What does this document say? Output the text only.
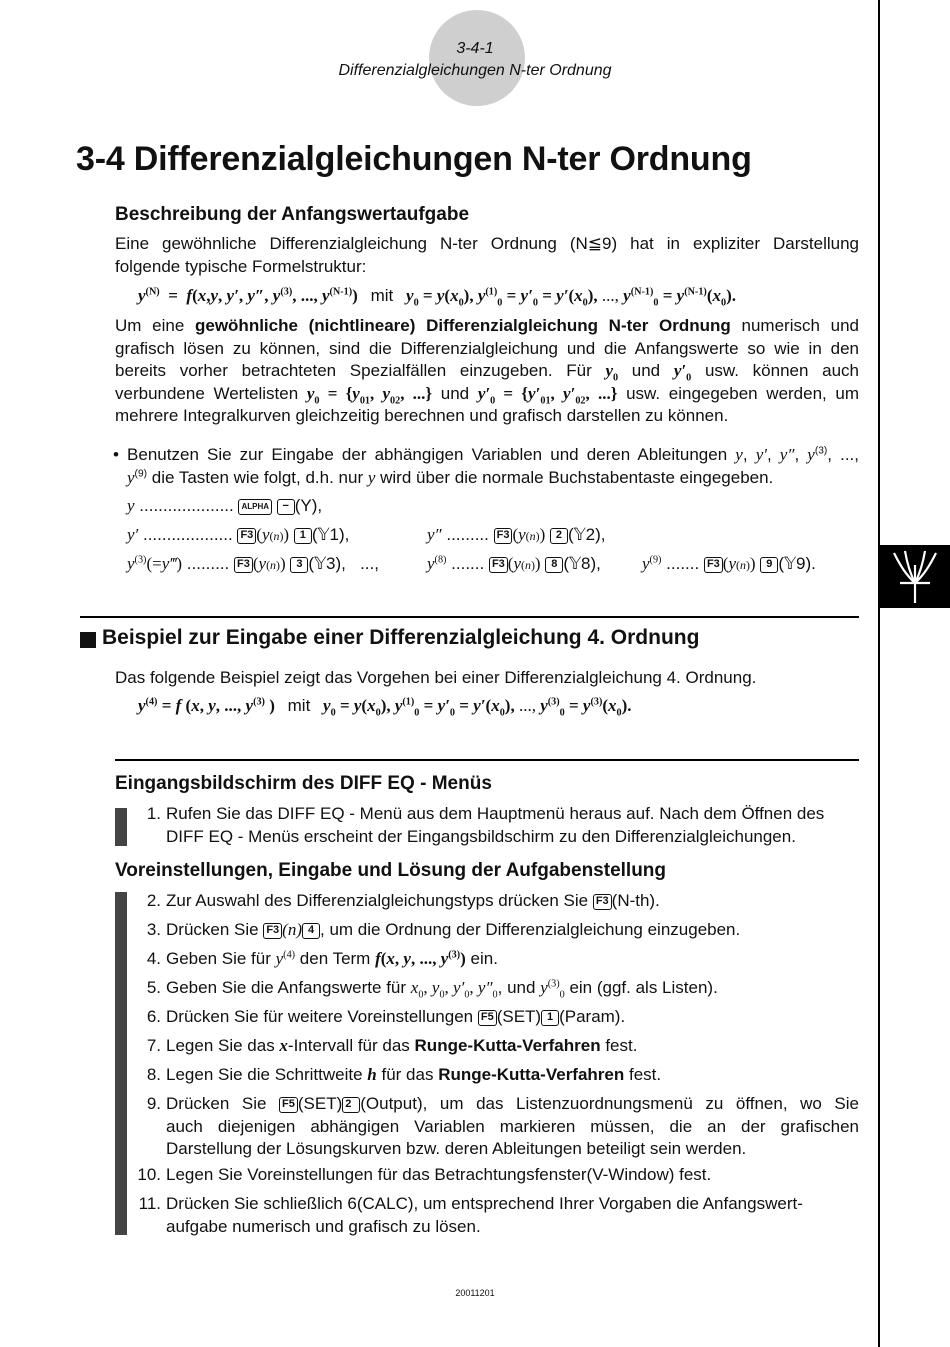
3-4-1
Differenzialgleichungen N-ter Ordnung
3-4 Differenzialgleichungen N-ter Ordnung
Beschreibung der Anfangswertaufgabe

Eine gewöhnliche Differenzialgleichung N-ter Ordnung (N≦9) hat in expliziter Darstellung
folgende typische Formelstruktur:

$y^{(N)} = f(x,y$, y′, y″, $y^{(3)}$, ..., $y^{(N-1)}$)   mit $y_0 = y(x_0)$, $y^{(1)}_0 = y'_0 = y'(x_0)$, ..., $y^{(N-1)}_0 = y^{(N-1)}(x_0)$.

Um eine gewöhnliche (nichtlineare) Differenzialgleichung N-ter Ordnung numerisch und
grafisch lösen zu können, sind die Differenzialgleichung und die Anfangswerte so wie in den
bereits vorher betrachteten Spezialfällen einzugeben. Für $y_0$ und $y'_0$ usw. können auch
verbundene Wertelisten $y_0 = \{y_{01}$, $y_{02}$, ...} und $y'_0 = \{y'_{01}$, $y'_{02}$, ...} usw. eingegeben werden, um
mehrere Integralkurven gleichzeitig berechnen und grafisch darstellen zu können.

• Benutzen Sie zur Eingabe der abhängigen Variablen und deren Ableitungen y, y′, y″, $y^{(3)}$, ...,
$y^{(9)}$ die Tasten wie folgt, d.h. nur y wird über die normale Buchstabentaste eingegeben.

y .................... ALPHA − (Y),
y′ ................... F3 (y(n)) 1 (𝕐1),	y″ ......... F3 (y(n)) 2 (𝕐2),
$y^{(3)}(=y‴)$ ......... F3 (y(n)) 3 (𝕐3),   ...,	$y^{(8)}$ ....... F3 (y(n)) 8 (𝕐8), $y^{(9)}$ ....... F3 (y(n)) 9 (𝕐9).
Beispiel zur Eingabe einer Differenzialgleichung 4. Ordnung

Das folgende Beispiel zeigt das Vorgehen bei einer Differenzialgleichung 4. Ordnung.

$y^{(4)} = f$ (x, y, ..., $y^{(3)}$ )   mit $y_0 = y(x_0)$, $y^{(1)}_0 = y'_0 = y'(x_0)$, ..., $y^{(3)}_0 = y^{(3)}(x_0)$.
Eingangsbildschirm des DIFF EQ - Menüs
1. Rufen Sie das DIFF EQ - Menü aus dem Hauptmenü heraus auf. Nach dem Öffnen des
DIFF EQ - Menüs erscheint der Eingangsbildschirm zu den Differenzialgleichungen.
Voreinstellungen, Eingabe und Lösung der Aufgabenstellung
2. Zur Auswahl des Differenzialgleichungstyps drücken Sie F3 (N-th).
3. Drücken Sie F3 (n) 4 , um die Ordnung der Differenzialgleichung einzugeben.
4. Geben Sie für $y^{(4)}$ den Term f(x, y, ..., $y^{(3)}$) ein.
5. Geben Sie die Anfangswerte für $x_0$, $y_0$, $y'_0$, $y''_0$, und $y^{(3)}_0$ ein (ggf. als Listen).
6. Drücken Sie für weitere Voreinstellungen F5 (SET) 1 (Param).
7. Legen Sie das x-Intervall für das Runge-Kutta-Verfahren fest.
8. Legen Sie die Schrittweite h für das Runge-Kutta-Verfahren fest.
9. Drücken Sie F5 (SET) 2 (Output), um das Listenzuordnungsmenü zu öffnen, wo Sie
auch diejenigen abhängigen Variablen markieren müssen, die an der grafischen
Darstellung der Lösungskurven bzw. deren Ableitungen beteiligt sein werden.
10. Legen Sie Voreinstellungen für das Betrachtungsfenster(V-Window) fest.
11. Drücken Sie schließlich 6(CALC), um entsprechend Ihrer Vorgaben die Anfangswert-
aufgabe numerisch und grafisch zu lösen.
20011201
